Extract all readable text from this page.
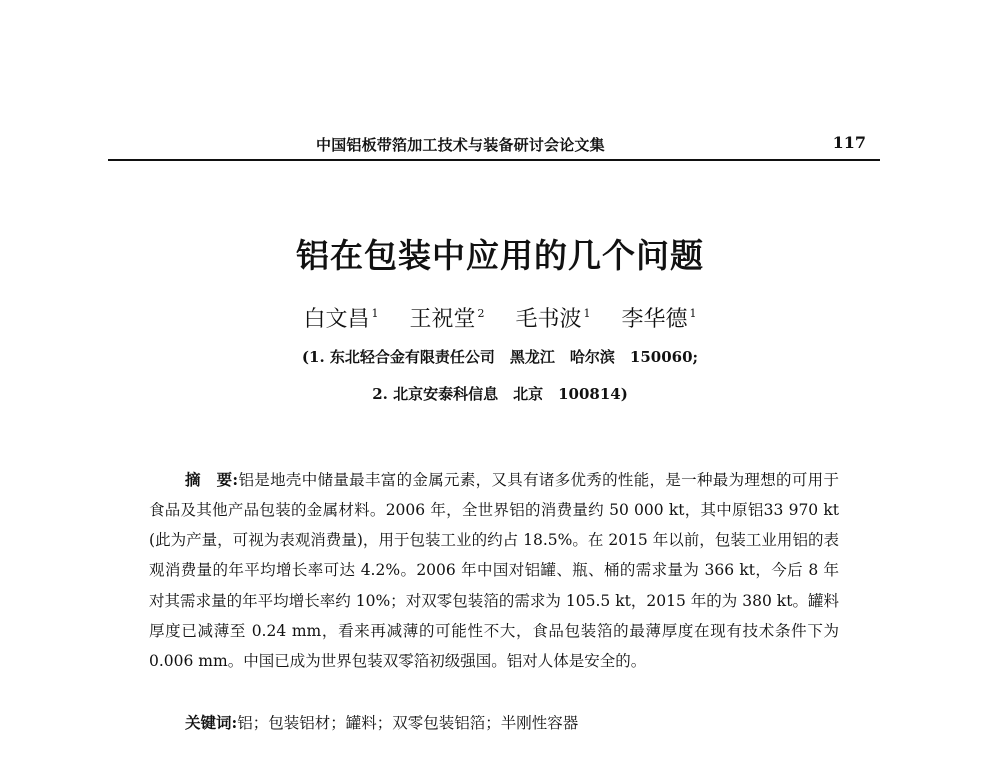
中国铝板带箔加工技术与装备研讨会论文集	117
铝在包装中应用的几个问题
白文昌 $^1$ 王祝堂 $^2$ 毛书波 $^1$ 李华德 $^1$
(1. 东北轻合金有限责任公司　黑龙江　哈尔滨　150060;
2. 北京安泰科信息　北京　100814)

摘　要:铝是地壳中储量最丰富的金属元素，又具有诸多优秀的性能，是一种最为理想的可用于食品及其他产品包装的金属材料。2006 年，全世界铝的消费量约 50 000 kt，其中原铝33 970 kt (此为产量，可视为表观消费量)，用于包装工业的约占 18.5%。在 2015 年以前，包装工业用铝的表观消费量的年平均增长率可达 4.2%。2006 年中国对铝罐、瓶、桶的需求量为 366 kt，今后 8 年对其需求量的年平均增长率约 10%；对双零包装箔的需求为 105.5 kt，2015 年的为 380 kt。罐料厚度已减薄至 0.24 mm，看来再减薄的可能性不大，食品包装箔的最薄厚度在现有技术条件下为 0.006 mm。中国已成为世界包装双零箔初级强国。铝对人体是安全的。

关键词:铝；包装铝材；罐料；双零包装铝箔；半刚性容器
